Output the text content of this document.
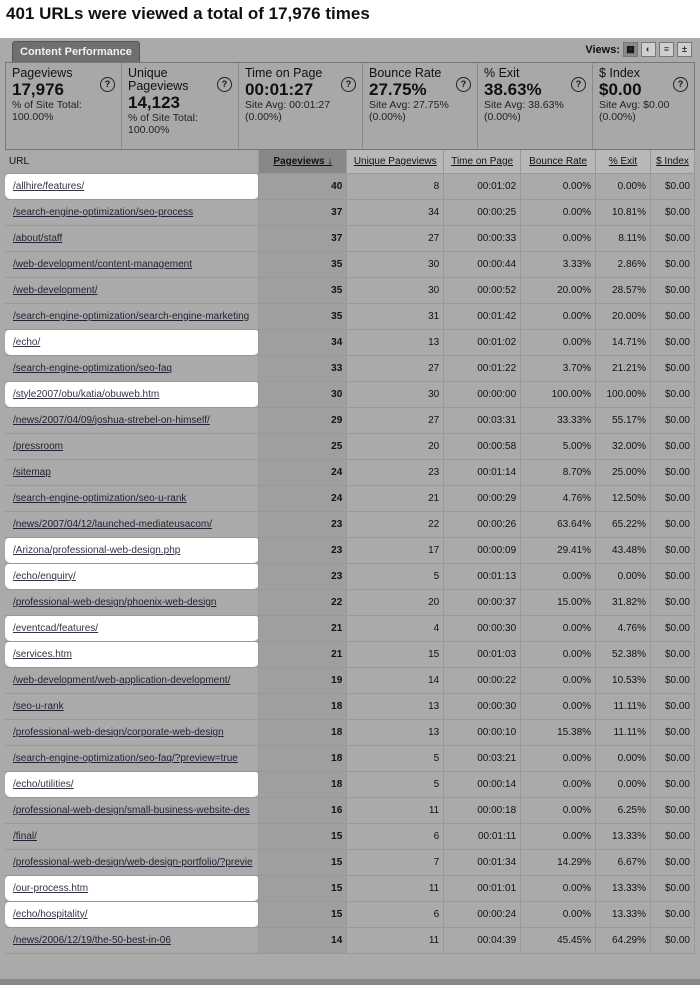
401 URLs were viewed a total of 17,976 times
Content Performance	Views: ▦	◐	≡	±
Pageviews
17,976
% of Site Total: 100.00%
?
Unique Pageviews
14,123
% of Site Total: 100.00%
?
Time on Page
00:01:27
Site Avg: 00:01:27 (0.00%)
?
Bounce Rate
27.75%
Site Avg: 27.75% (0.00%)
?
% Exit
38.63%
Site Avg: 38.63% (0.00%)
?
$ Index
$0.00
Site Avg: $0.00 (0.00%)
?
URL	Pageviews ↓	Unique Pageviews	Time on Page	Bounce Rate	% Exit	$ Index
/allhire/features/	40	8	00:01:02	0.00%	0.00%	$0.00
/search-engine-optimization/seo-process	37	34	00:00:25	0.00%	10.81%	$0.00
/about/staff	37	27	00:00:33	0.00%	8.11%	$0.00
/web-development/content-management	35	30	00:00:44	3.33%	2.86%	$0.00
/web-development/	35	30	00:00:52	20.00%	28.57%	$0.00
/search-engine-optimization/search-engine-marketing	35	31	00:01:42	0.00%	20.00%	$0.00
/echo/	34	13	00:01:02	0.00%	14.71%	$0.00
/search-engine-optimization/seo-faq	33	27	00:01:22	3.70%	21.21%	$0.00
/style2007/obu/katia/obuweb.htm	30	30	00:00:00	100.00%	100.00%	$0.00
/news/2007/04/09/joshua-strebel-on-himself/	29	27	00:03:31	33.33%	55.17%	$0.00
/pressroom	25	20	00:00:58	5.00%	32.00%	$0.00
/sitemap	24	23	00:01:14	8.70%	25.00%	$0.00
/search-engine-optimization/seo-u-rank	24	21	00:00:29	4.76%	12.50%	$0.00
/news/2007/04/12/launched-mediateusacom/	23	22	00:00:26	63.64%	65.22%	$0.00
/Arizona/professional-web-design.php	23	17	00:00:09	29.41%	43.48%	$0.00
/echo/enquiry/	23	5	00:01:13	0.00%	0.00%	$0.00
/professional-web-design/phoenix-web-design	22	20	00:00:37	15.00%	31.82%	$0.00
/eventcad/features/	21	4	00:00:30	0.00%	4.76%	$0.00
/services.htm	21	15	00:01:03	0.00%	52.38%	$0.00
/web-development/web-application-development/	19	14	00:00:22	0.00%	10.53%	$0.00
/seo-u-rank	18	13	00:00:30	0.00%	11.11%	$0.00
/professional-web-design/corporate-web-design	18	13	00:00:10	15.38%	11.11%	$0.00
/search-engine-optimization/seo-faq/?preview=true	18	5	00:03:21	0.00%	0.00%	$0.00
/echo/utilities/	18	5	00:00:14	0.00%	0.00%	$0.00
/professional-web-design/small-business-website-des	16	11	00:00:18	0.00%	6.25%	$0.00
/final/	15	6	00:01:11	0.00%	13.33%	$0.00
/professional-web-design/web-design-portfolio/?previe	15	7	00:01:34	14.29%	6.67%	$0.00
/our-process.htm	15	11	00:01:01	0.00%	13.33%	$0.00
/echo/hospitality/	15	6	00:00:24	0.00%	13.33%	$0.00
/news/2006/12/19/the-50-best-in-06	14	11	00:04:39	45.45%	64.29%	$0.00
